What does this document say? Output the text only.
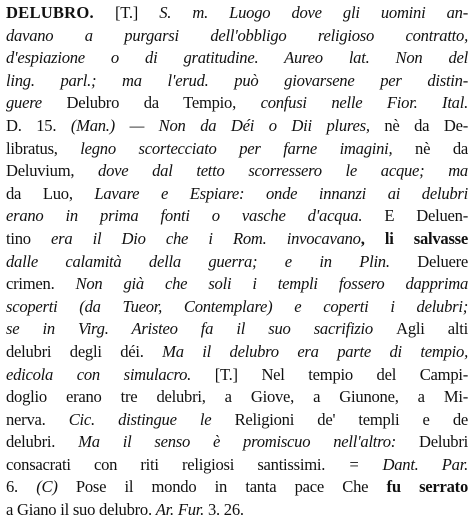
DELUBRO. [T.] S. m. Luogo dove gli uomini an-
davano a purgarsi dell'obbligo religioso contratto,
d'espiazione o di gratitudine. Aureo lat. Non del
ling. parl.; ma l'erud. può giovarsene per distin-
guere Delubro da Tempio, confusi nelle Fior. Ital.
D. 15. (Man.) — Non da Déi o Dii plures, nè da De-
libratus, legno scortecciato per farne imagini, nè da
Deluvium, dove dal tetto scorressero le acque; ma
da Luo, Lavare e Espiare: onde innanzi ai delubri
erano in prima fonti o vasche d'acqua. E Deluen-
tino era il Dio che i Rom. invocavano, li salvasse
dalle calamità della guerra; e in Plin. Deluere
crimen. Non già che soli i templi fossero dapprima
scoperti (da Tueor, Contemplare) e coperti i delubri;
se in Virg. Aristeo fa il suo sacrifizio Agli alti
delubri degli déi. Ma il delubro era parte di tempio,
edicola con simulacro. [T.] Nel tempio del Campi-
doglio erano tre delubri, a Giove, a Giunone, a Mi-
nerva. Cic. distingue le Religioni de' templi e de
delubri. Ma il senso è promiscuo nell'altro: Delubri
consacrati con riti religiosi santissimi. = Dant. Par.
6. (C) Pose il mondo in tanta pace Che fu serrato
a Giano il suo delubro. Ar. Fur. 3. 26.
